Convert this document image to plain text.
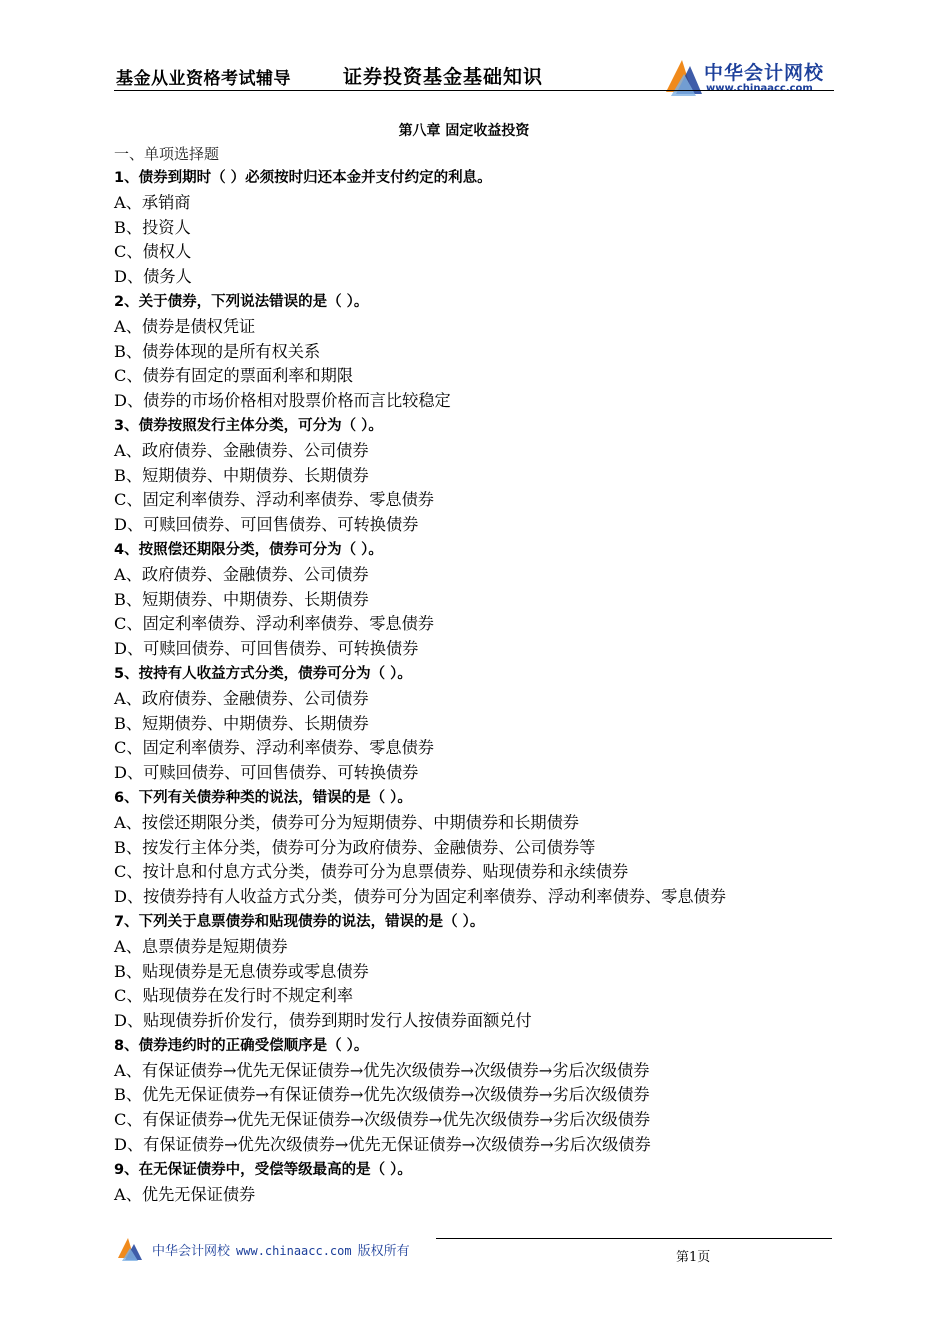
基金从业资格考试辅导	证券投资基金基础知识	中华会计网校
www.chinaacc.com
第八章 固定收益投资
一、单项选择题
1、债券到期时（ ）必须按时归还本金并支付约定的利息。
A、承销商
B、投资人
C、债权人
D、债务人
2、关于债券，下列说法错误的是（ ）。
A、债券是债权凭证
B、债券体现的是所有权关系
C、债券有固定的票面利率和期限
D、债券的市场价格相对股票价格而言比较稳定
3、债券按照发行主体分类，可分为（ ）。
A、政府债券、金融债券、公司债券
B、短期债券、中期债券、长期债券
C、固定利率债券、浮动利率债券、零息债券
D、可赎回债券、可回售债券、可转换债券
4、按照偿还期限分类，债券可分为（ ）。
A、政府债券、金融债券、公司债券
B、短期债券、中期债券、长期债券
C、固定利率债券、浮动利率债券、零息债券
D、可赎回债券、可回售债券、可转换债券
5、按持有人收益方式分类，债券可分为（ ）。
A、政府债券、金融债券、公司债券
B、短期债券、中期债券、长期债券
C、固定利率债券、浮动利率债券、零息债券
D、可赎回债券、可回售债券、可转换债券
6、下列有关债券种类的说法，错误的是（ ）。
A、按偿还期限分类，债券可分为短期债券、中期债券和长期债券
B、按发行主体分类，债券可分为政府债券、金融债券、公司债券等
C、按计息和付息方式分类，债券可分为息票债券、贴现债券和永续债券
D、按债券持有人收益方式分类，债券可分为固定利率债券、浮动利率债券、零息债券
7、下列关于息票债券和贴现债券的说法，错误的是（ ）。
A、息票债券是短期债券
B、贴现债券是无息债券或零息债券
C、贴现债券在发行时不规定利率
D、贴现债券折价发行，债券到期时发行人按债券面额兑付
8、债券违约时的正确受偿顺序是（ ）。
A、有保证债券→优先无保证债券→优先次级债券→次级债券→劣后次级债券
B、优先无保证债券→有保证债券→优先次级债券→次级债券→劣后次级债券
C、有保证债券→优先无保证债券→次级债券→优先次级债券→劣后次级债券
D、有保证债券→优先次级债券→优先无保证债券→次级债券→劣后次级债券
9、在无保证债券中，受偿等级最高的是（ ）。
A、优先无保证债券
中华会计网校 www.chinaacc.com 版权所有	第1页
